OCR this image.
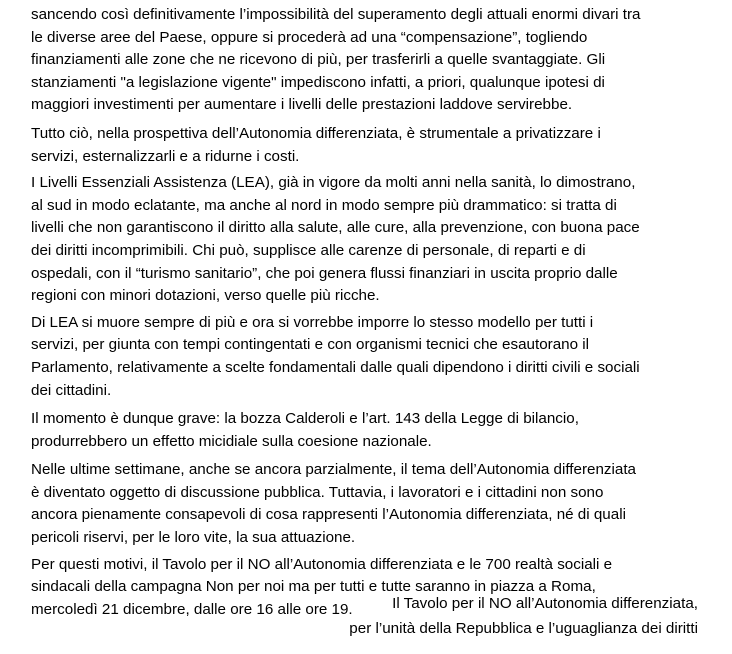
sancendo così definitivamente l’impossibilità del superamento degli attuali enormi divari tra
le diverse aree del Paese, oppure si procederà ad una “compensazione”, togliendo
finanziamenti alle zone che ne ricevono di più, per trasferirli a quelle svantaggiate. Gli
stanziamenti "a legislazione vigente" impediscono infatti, a priori, qualunque ipotesi di
maggiori investimenti per aumentare i livelli delle prestazioni laddove servirebbe.

Tutto ciò, nella prospettiva dell’Autonomia differenziata, è strumentale a privatizzare i
servizi, esternalizzarli e a ridurne i costi.

I Livelli Essenziali Assistenza (LEA), già in vigore da molti anni nella sanità, lo dimostrano,
al sud in modo eclatante, ma anche al nord in modo sempre più drammatico: si tratta di
livelli che non garantiscono il diritto alla salute, alle cure, alla prevenzione, con buona pace
dei diritti incomprimibili. Chi può, supplisce alle carenze di personale, di reparti e di
ospedali, con il “turismo sanitario”, che poi genera flussi finanziari in uscita proprio dalle
regioni con minori dotazioni, verso quelle più ricche.

Di LEA si muore sempre di più e ora si vorrebbe imporre lo stesso modello per tutti i
servizi, per giunta con tempi contingentati e con organismi tecnici che esautorano il
Parlamento, relativamente a scelte fondamentali dalle quali dipendono i diritti civili e sociali
dei cittadini.

Il momento è dunque grave: la bozza Calderoli e l’art. 143 della Legge di bilancio,
produrrebbero un effetto micidiale sulla coesione nazionale.

Nelle ultime settimane, anche se ancora parzialmente, il tema dell’Autonomia differenziata
è diventato oggetto di discussione pubblica. Tuttavia, i lavoratori e i cittadini non sono
ancora pienamente consapevoli di cosa rappresenti l’Autonomia differenziata, né di quali
pericoli riservi, per le loro vite, la sua attuazione.

Per questi motivi, il Tavolo per il NO all’Autonomia differenziata e le 700 realtà sociali e
sindacali della campagna Non per noi ma per tutti e tutte saranno in piazza a Roma,
mercoledì 21 dicembre, dalle ore 16 alle ore 19.	Il Tavolo per il NO all’Autonomia differenziata,
per l’unità della Repubblica e l’uguaglianza dei diritti
